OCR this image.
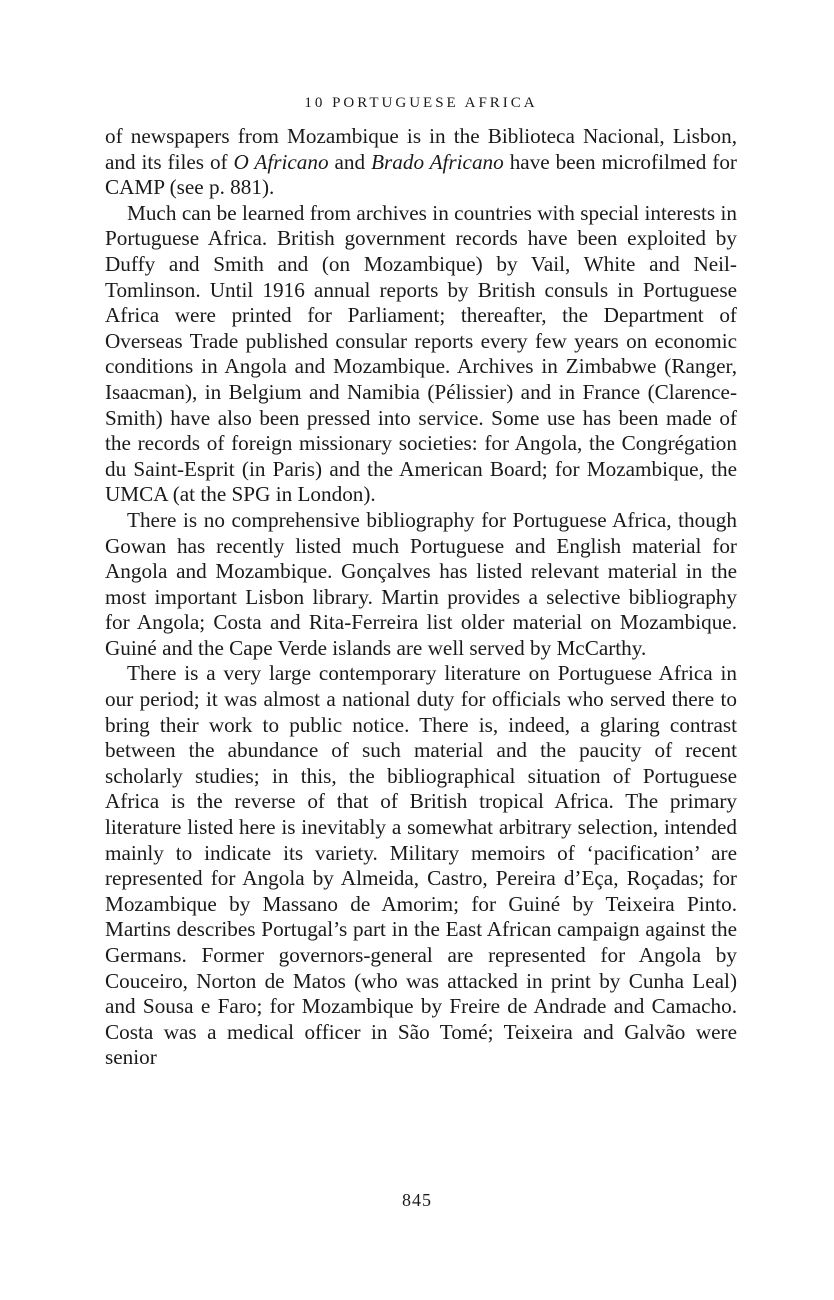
10 PORTUGUESE AFRICA

of newspapers from Mozambique is in the Biblioteca Nacional, Lisbon, and its files of O Africano and Brado Africano have been microfilmed for CAMP (see p. 881).

Much can be learned from archives in countries with special interests in Portuguese Africa. British government records have been exploited by Duffy and Smith and (on Mozambique) by Vail, White and Neil-Tomlinson. Until 1916 annual reports by British consuls in Portuguese Africa were printed for Parliament; thereafter, the Department of Overseas Trade published consular reports every few years on economic conditions in Angola and Mozambique. Archives in Zimbabwe (Ranger, Isaacman), in Belgium and Namibia (Pélissier) and in France (Clarence-Smith) have also been pressed into service. Some use has been made of the records of foreign missionary societies: for Angola, the Congrégation du Saint-Esprit (in Paris) and the American Board; for Mozambique, the UMCA (at the SPG in London).

There is no comprehensive bibliography for Portuguese Africa, though Gowan has recently listed much Portuguese and English material for Angola and Mozambique. Gonçalves has listed relevant material in the most important Lisbon library. Martin provides a selective bibliography for Angola; Costa and Rita-Ferreira list older material on Mozambique. Guiné and the Cape Verde islands are well served by McCarthy.

There is a very large contemporary literature on Portuguese Africa in our period; it was almost a national duty for officials who served there to bring their work to public notice. There is, indeed, a glaring contrast between the abundance of such material and the paucity of recent scholarly studies; in this, the bibliographical situation of Portuguese Africa is the reverse of that of British tropical Africa. The primary literature listed here is inevitably a somewhat arbitrary selection, intended mainly to indicate its variety. Military memoirs of ‘pacification’ are represented for Angola by Almeida, Castro, Pereira d’Eça, Roçadas; for Mozambique by Massano de Amorim; for Guiné by Teixeira Pinto. Martins describes Portugal’s part in the East African campaign against the Germans. Former governors-general are represented for Angola by Couceiro, Norton de Matos (who was attacked in print by Cunha Leal) and Sousa e Faro; for Mozambique by Freire de Andrade and Camacho. Costa was a medical officer in São Tomé; Teixeira and Galvão were senior

845
